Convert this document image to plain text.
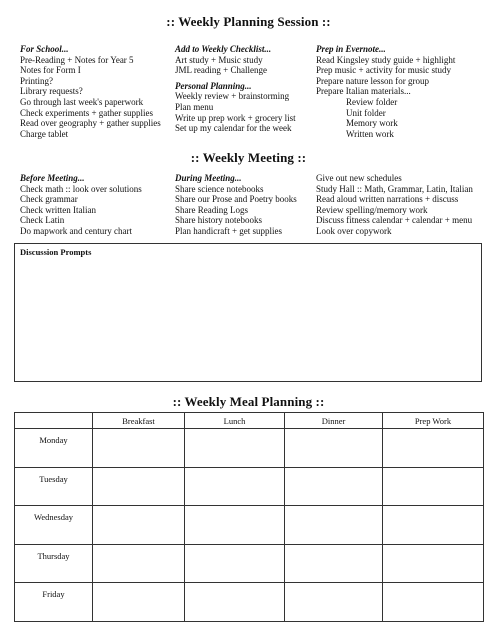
:: Weekly Planning Session ::
For School...
Pre-Reading + Notes for Year 5
Notes for Form I
Printing?
Library requests?
Go through last week's paperwork
Check experiments + gather supplies
Read over geography + gather supplies
Charge tablet
Add to Weekly Checklist...
Art study + Music study
JML reading + Challenge
Personal Planning...
Weekly review + brainstorming
Plan menu
Write up prep work + grocery list
Set up my calendar for the week
Prep in Evernote...
Read Kingsley study guide + highlight
Prep music + activity for music study
Prepare nature lesson for group
Prepare Italian materials...
Review folder
Unit folder
Memory work
Written work
:: Weekly Meeting ::
Before Meeting...
Check math :: look over solutions
Check grammar
Check written Italian
Check Latin
Do mapwork and century chart
During Meeting...
Share science notebooks
Share our Prose and Poetry books
Share Reading Logs
Share history notebooks
Plan handicraft + get supplies
Give out new schedules
Study Hall :: Math, Grammar, Latin, Italian
Read aloud written narrations + discuss
Review spelling/memory work
Discuss fitness calendar + calendar + menu
Look over copywork
Discussion Prompts
:: Weekly Meal Planning ::
	Breakfast	Lunch	Dinner	Prep Work
Monday				
Tuesday				
Wednesday				
Thursday				
Friday				
